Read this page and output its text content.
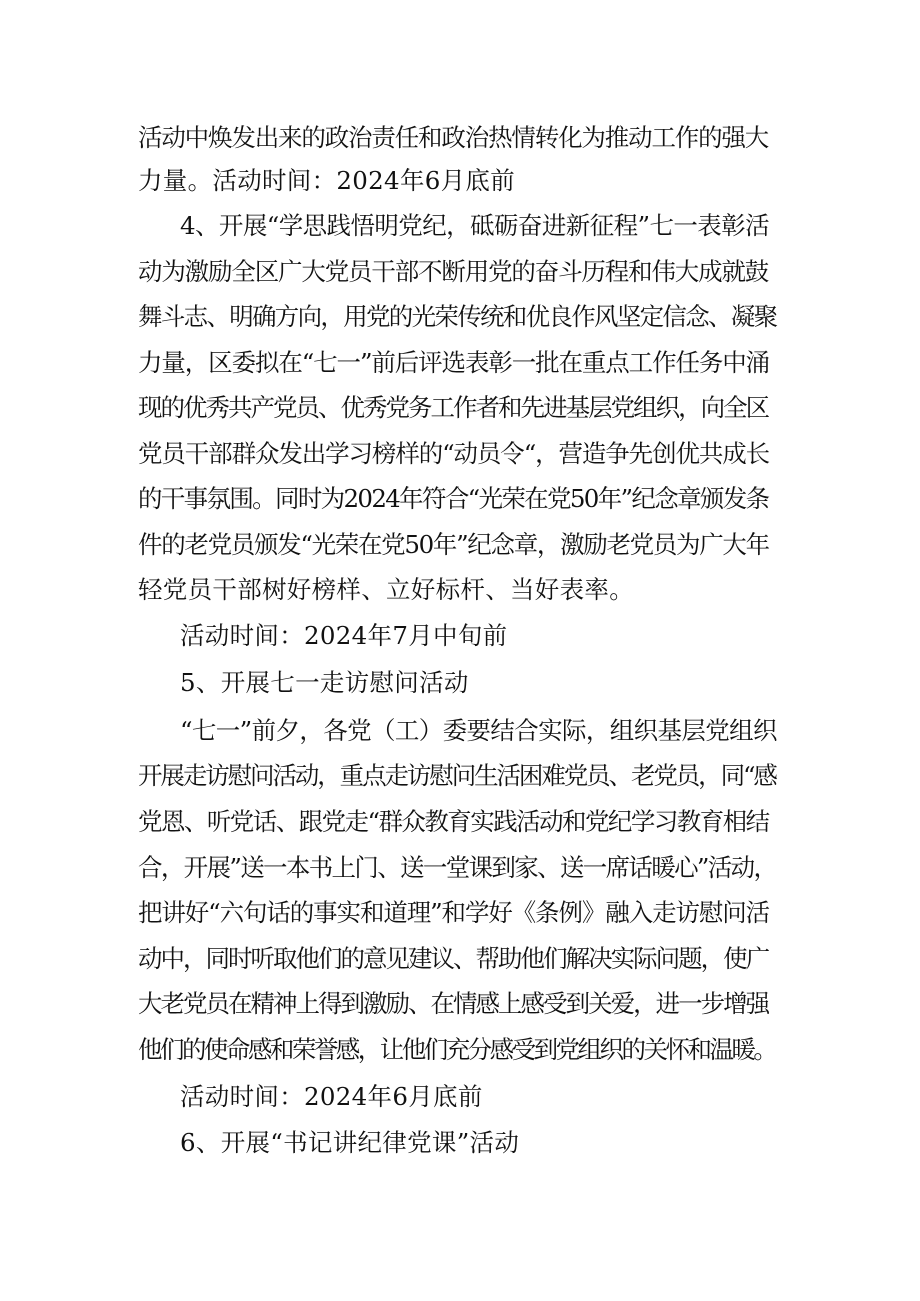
活动中焕发出来的政治责任和政治热情转化为推动工作的强大
力量。活动时间：2024年6月底前
4、开展“学思践悟明党纪，砥砺奋进新征程”七一表彰活
动为激励全区广大党员干部不断用党的奋斗历程和伟大成就鼓
舞斗志、明确方向，用党的光荣传统和优良作风坚定信念、凝聚
力量，区委拟在“七一”前后评选表彰一批在重点工作任务中涌
现的优秀共产党员、优秀党务工作者和先进基层党组织，向全区
党员干部群众发出学习榜样的“动员令“，营造争先创优共成长
的干事氛围。同时为2024年符合“光荣在党50年”纪念章颁发条
件的老党员颁发“光荣在党50年”纪念章，激励老党员为广大年
轻党员干部树好榜样、立好标杆、当好表率。
活动时间：2024年7月中旬前
5、开展七一走访慰问活动
“七一”前夕，各党（工）委要结合实际，组织基层党组织
开展走访慰问活动，重点走访慰问生活困难党员、老党员，同“感
党恩、听党话、跟党走“群众教育实践活动和党纪学习教育相结
合，开展”送一本书上门、送一堂课到家、送一席话暖心”活动，
把讲好“六句话的事实和道理”和学好《条例》融入走访慰问活
动中，同时听取他们的意见建议、帮助他们解决实际问题，使广
大老党员在精神上得到激励、在情感上感受到关爱，进一步增强
他们的使命感和荣誉感，让他们充分感受到党组织的关怀和温暖。
活动时间：2024年6月底前
6、开展“书记讲纪律党课”活动
